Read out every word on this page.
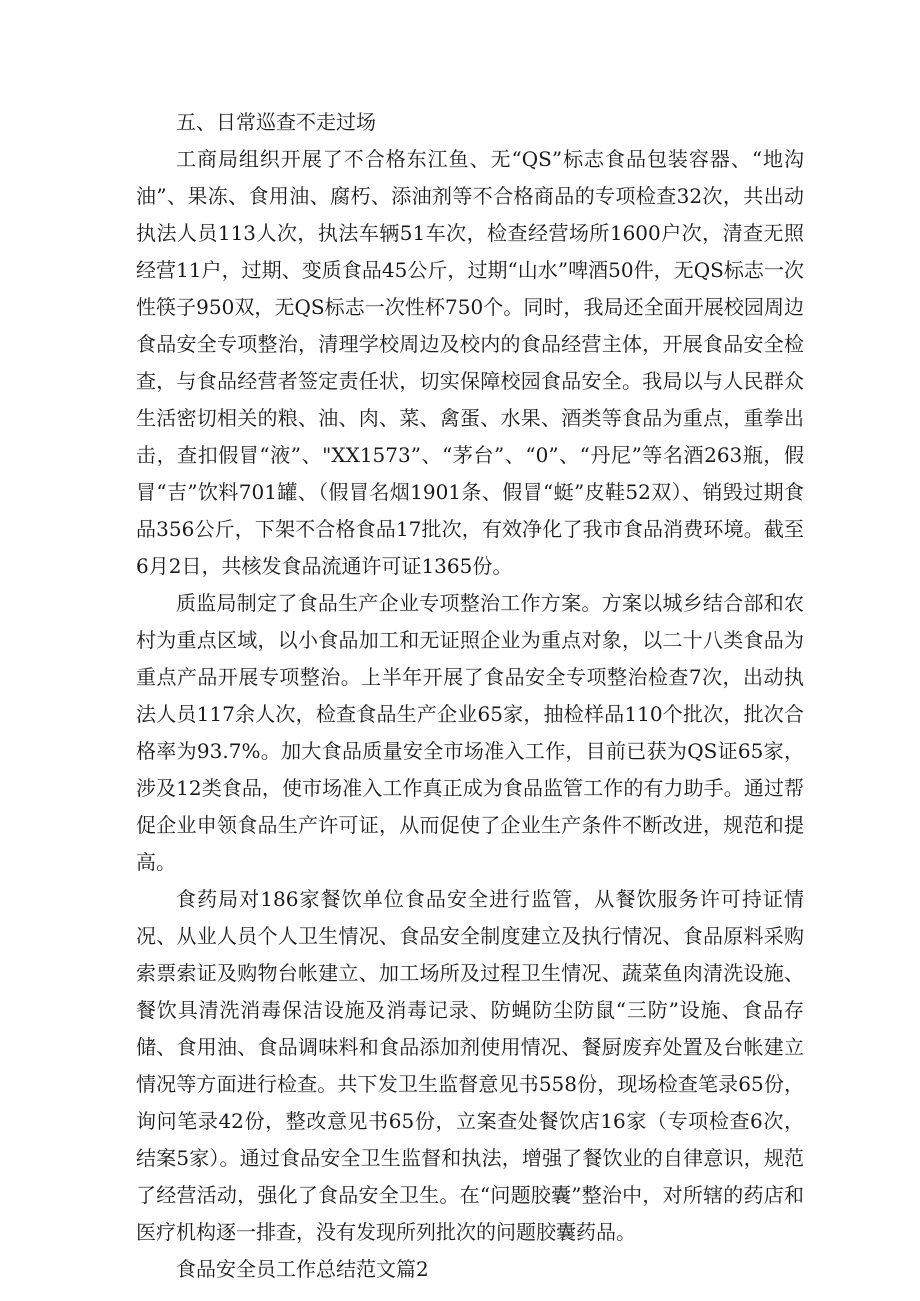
五、日常巡查不走过场

工商局组织开展了不合格东江鱼、无“QS”标志食品包装容器、“地沟油”、果冻、食用油、腐朽、添油剂等不合格商品的专项检查32次，共出动执法人员113人次，执法车辆51车次，检查经营场所1600户次，清查无照经营11户，过期、变质食品45公斤，过期“山水”啤酒50件，无QS标志一次性筷子950双，无QS标志一次性杯750个。同时，我局还全面开展校园周边食品安全专项整治，清理学校周边及校内的食品经营主体，开展食品安全检查，与食品经营者签定责任状，切实保障校园食品安全。我局以与人民群众生活密切相关的粮、油、肉、菜、禽蛋、水果、酒类等食品为重点，重拳出击，查扣假冒“液”、"XX1573”、“茅台”、“0”、“丹尼”等名酒263瓶，假冒“吉”饮料701罐、（假冒名烟1901条、假冒“蜓”皮鞋52双）、销毁过期食品356公斤，下架不合格食品17批次，有效净化了我市食品消费环境。截至6月2日，共核发食品流通许可证1365份。

质监局制定了食品生产企业专项整治工作方案。方案以城乡结合部和农村为重点区域，以小食品加工和无证照企业为重点对象，以二十八类食品为重点产品开展专项整治。上半年开展了食品安全专项整治检查7次，出动执法人员117余人次，检查食品生产企业65家，抽检样品110个批次，批次合格率为93.7%。加大食品质量安全市场准入工作，目前已获为QS证65家，涉及12类食品，使市场准入工作真正成为食品监管工作的有力助手。通过帮促企业申领食品生产许可证，从而促使了企业生产条件不断改进，规范和提高。

食药局对186家餐饮单位食品安全进行监管，从餐饮服务许可持证情况、从业人员个人卫生情况、食品安全制度建立及执行情况、食品原料采购索票索证及购物台帐建立、加工场所及过程卫生情况、蔬菜鱼肉清洗设施、餐饮具清洗消毒保洁设施及消毒记录、防蝇防尘防鼠“三防”设施、食品存储、食用油、食品调味料和食品添加剂使用情况、餐厨废弃处置及台帐建立情况等方面进行检查。共下发卫生监督意见书558份，现场检查笔录65份，询问笔录42份，整改意见书65份，立案查处餐饮店16家（专项检查6次，结案5家）。通过食品安全卫生监督和执法，增强了餐饮业的自律意识，规范了经营活动，强化了食品安全卫生。在“问题胶囊”整治中，对所辖的药店和医疗机构逐一排查，没有发现所列批次的问题胶囊药品。

食品安全员工作总结范文篇2
